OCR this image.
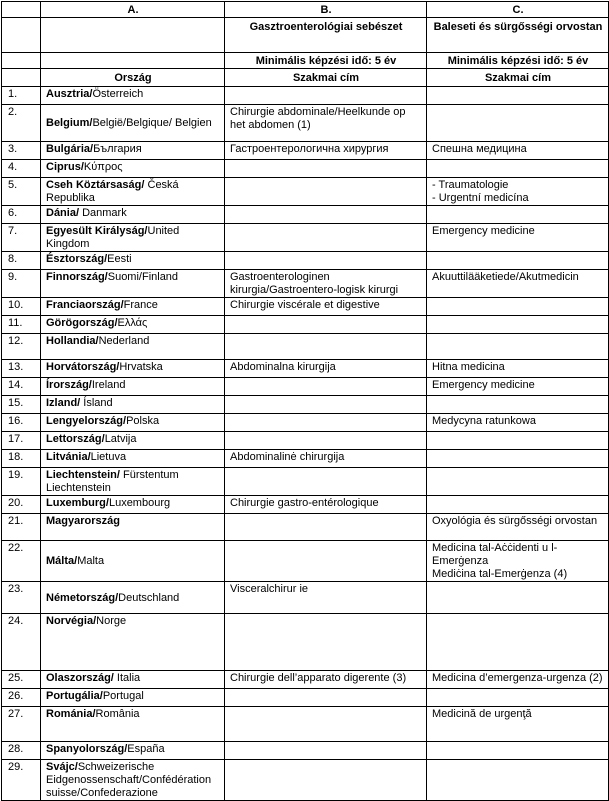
	A.	B.	C.
		Gasztroenterológiai sebészet	Baleseti és sürgősségi orvostan
		Minimális képzési idő: 5 év	Minimális képzési idő: 5 év
	Ország	Szakmai cím	Szakmai cím
1.	Ausztria/Österreich		
2.	Belgium/België/Belgique/ Belgien	Chirurgie abdominale/Heelkunde op het abdomen (1)	
3.	Bulgária/България	Гастроентерологична хирургия	Спешна медицина
4.	Ciprus/Κύπρος		
5.	Cseh Köztársaság/ Česká Republika		- Traumatologie
- Urgentní medicína
6.	Dánia/ Danmark		
7.	Egyesült Királyság/United Kingdom		Emergency medicine
8.	Észtország/Eesti		
9.	Finnország/Suomi/Finland	Gastroenterologinen kirurgia/Gastroentero-logisk kirurgi	Akuuttilääketiede/Akutmedicin
10.	Franciaország/France	Chirurgie viscérale et digestive	
11.	Görögország/Ελλάς		
12.	Hollandia/Nederland		
13.	Horvátország/Hrvatska	Abdominalna kirurgija	Hitna medicina
14.	Írország/Ireland		Emergency medicine
15.	Izland/ Ísland		
16.	Lengyelország/Polska		Medycyna ratunkowa
17.	Lettország/Latvija		
18.	Litvánia/Lietuva	Abdominalinė chirurgija	
19.	Liechtenstein/ Fürstentum Liechtenstein		
20.	Luxemburg/Luxembourg	Chirurgie gastro-entérologique	
21.	Magyarország		Oxyológia és sürgősségi orvostan
22.	Málta/Malta		Medicina tal-Aċċidenti u l-Emerġenza
Mediċina tal-Emerġenza (4)
23.	Németország/Deutschland	Visceralchirur ie	
24.	Norvégia/Norge		
25.	Olaszország/ Italia	Chirurgie dell’apparato digerente (3)	Medicina d’emergenza-urgenza (2)
26.	Portugália/Portugal		
27.	Románia/România		Medicină de urgenţă
28.	Spanyolország/España		
29.	Svájc/Schweizerische Eidgenossenschaft/Confédération suisse/Confederazione		
